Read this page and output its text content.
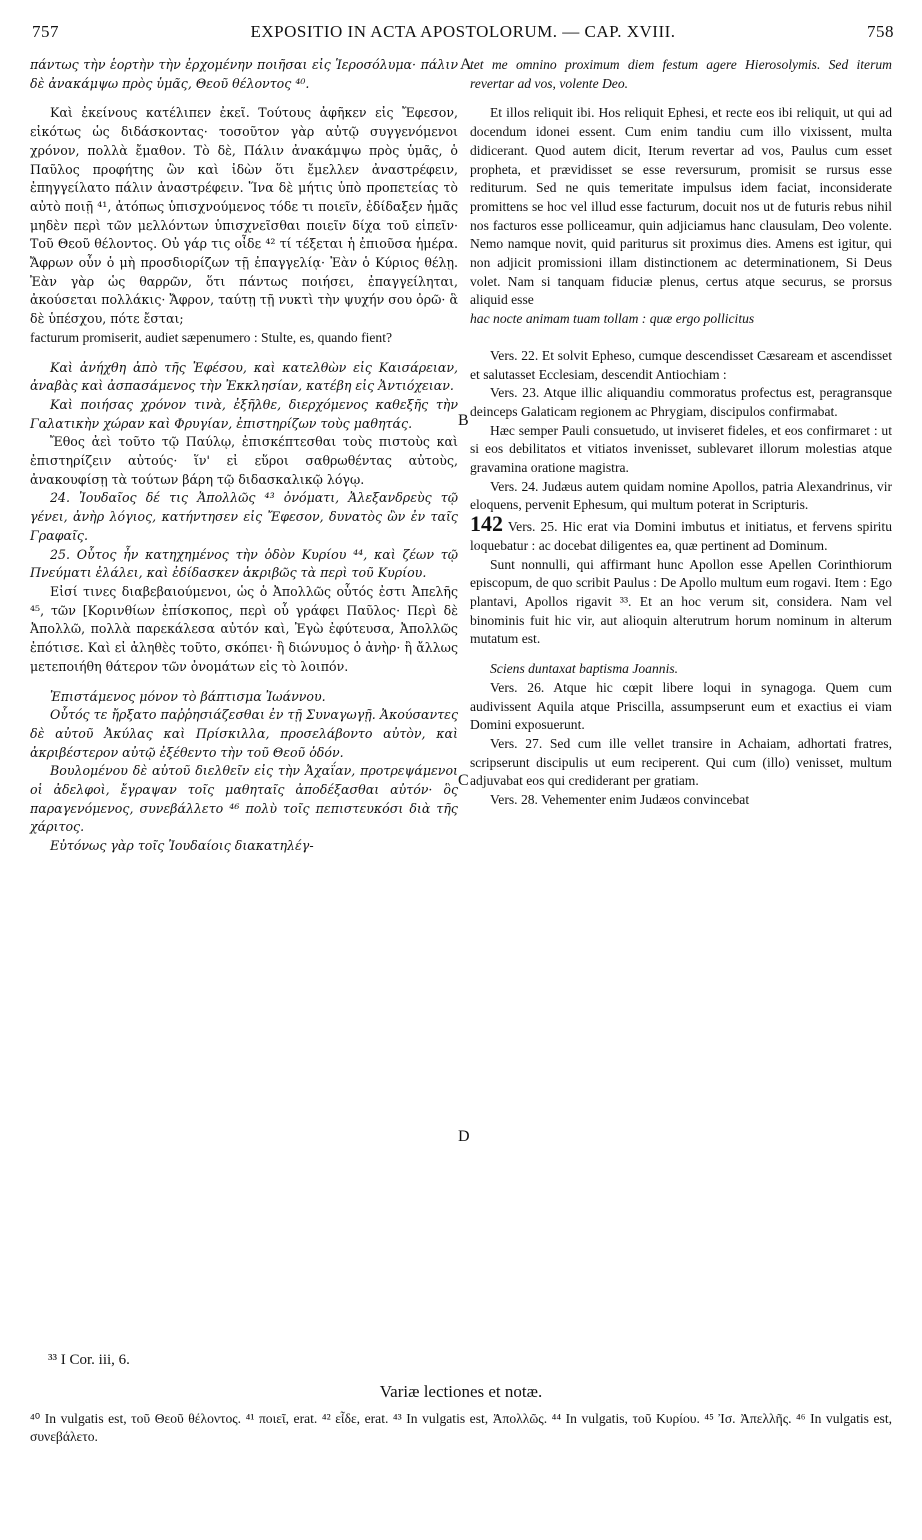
757	EXPOSITIO IN ACTA APOSTOLORUM. — CAP. XVIII.	758

πάντως τὴν ἑορτὴν τὴν ἐρχομένην ποιῆσαι εἰς Ἱεροσόλυμα· πάλιν δὲ ἀνακάμψω πρὸς ὑμᾶς, Θεοῦ θέλοντος ⁴⁰.

Καὶ ἐκείνους κατέλιπεν ἐκεῖ. Τούτους ἀφῆκεν εἰς Ἔφεσον, εἰκότως ὡς διδάσκοντας· τοσοῦτον γὰρ αὐτῷ συγγενόμενοι χρόνον, πολλὰ ἔμαθον. Τὸ δὲ, Πάλιν ἀνακάμψω πρὸς ὑμᾶς, ὁ Παῦλος προφήτης ὢν καὶ ἰδὼν ὅτι ἔμελλεν ἀναστρέφειν, ἐπηγγείλατο πάλιν ἀναστρέφειν. Ἵνα δὲ μήτις ὑπὸ προπετείας τὸ αὐτὸ ποιῇ ⁴¹, ἀτόπως ὑπισχνούμενος τόδε τι ποιεῖν, ἐδίδαξεν ἡμᾶς μηδὲν περὶ τῶν μελλόντων ὑπισχνεῖσθαι ποιεῖν δίχα τοῦ εἰπεῖν· Τοῦ Θεοῦ θέλοντος. Οὐ γάρ τις οἶδε ⁴² τί τέξεται ἡ ἐπιοῦσα ἡμέρα. Ἄφρων οὖν ὁ μὴ προσδιορίζων τῇ ἐπαγγελίᾳ· Ἐὰν ὁ Κύριος θέλῃ. Ἐὰν γὰρ ὡς θαρρῶν, ὅτι πάντως ποιήσει, ἐπαγγείληται, ἀκούσεται πολλάκις· Ἄφρον, ταύτῃ τῇ νυκτὶ τὴν ψυχήν σου ὀρῶ· ἃ δὲ ὑπέσχου, πότε ἔσται;

facturum promiserit, audiet sæpenumero : Stulte, es, quando fient?

Καὶ ἀνήχθη ἀπὸ τῆς Ἐφέσου, καὶ κατελθὼν εἰς Καισάρειαν, ἀναβὰς καὶ ἀσπασάμενος τὴν Ἐκκλησίαν, κατέβη εἰς Ἀντιόχειαν.

Καὶ ποιήσας χρόνον τινὰ, ἐξῆλθε, διερχόμενος καθεξῆς τὴν Γαλατικὴν χώραν καὶ Φρυγίαν, ἐπιστηρίζων τοὺς μαθητάς.

Ἔθος ἀεὶ τοῦτο τῷ Παύλῳ, ἐπισκέπτεσθαι τοὺς πιστοὺς καὶ ἐπιστηρίζειν αὐτούς· ἵν' εἰ εὕροι σαθρωθέντας αὐτοὺς, ἀνακουφίσῃ τὰ τούτων βάρη τῷ διδασκαλικῷ λόγῳ.

24. Ἰουδαῖος δέ τις Ἀπολλῶς ⁴³ ὀνόματι, Ἀλεξανδρεὺς τῷ γένει, ἀνὴρ λόγιος, κατήντησεν εἰς Ἔφεσον, δυνατὸς ὢν ἐν ταῖς Γραφαῖς.

25. Οὗτος ἦν κατηχημένος τὴν ὁδὸν Κυρίου ⁴⁴, καὶ ζέων τῷ Πνεύματι ἐλάλει, καὶ ἐδίδασκεν ἀκριβῶς τὰ περὶ τοῦ Κυρίου.

Εἰσί τινες διαβεβαιούμενοι, ὡς ὁ Ἀπολλῶς οὗτός ἐστι Ἀπελῆς ⁴⁵, τῶν [Κορινθίων ἐπίσκοπος, περὶ οὗ γράφει Παῦλος· Περὶ δὲ Ἀπολλῶ, πολλὰ παρεκάλεσα αὐτόν καὶ, Ἐγὼ ἐφύτευσα, Ἀπολλῶς ἐπότισε. Καὶ εἰ ἀληθὲς τοῦτο, σκόπει· ἢ διώνυμος ὁ ἀνὴρ· ἢ ἄλλως μετεποιήθη θάτερον τῶν ὀνομάτων εἰς τὸ λοιπόν.

Ἐπιστάμενος μόνον τὸ βάπτισμα Ἰωάννου.

Οὗτός τε ἤρξατο παῤῥησιάζεσθαι ἐν τῇ Συναγωγῇ. Ἀκούσαντες δὲ αὐτοῦ Ἀκύλας καὶ Πρίσκιλλα, προσελάβοντο αὐτὸν, καὶ ἀκριβέστερον αὐτῷ ἐξέθεντο τὴν τοῦ Θεοῦ ὁδόν.

Βουλομένου δὲ αὐτοῦ διελθεῖν εἰς τὴν Ἀχαΐαν, προτρεψάμενοι οἱ ἀδελφοὶ, ἔγραψαν τοῖς μαθηταῖς ἀποδέξασθαι αὐτόν· ὃς παραγενόμενος, συνεβάλλετο ⁴⁶ πολὺ τοῖς πεπιστευκόσι διὰ τῆς χάριτος.

Εὐτόνως γὰρ τοῖς Ἰουδαίοις διακατηλέγ-

tet me omnino proximum diem festum agere Hierosolymis. Sed iterum revertar ad vos, volente Deo.

Et illos reliquit ibi. Hos reliquit Ephesi, et recte eos ibi reliquit, ut qui ad docendum idonei essent. Cum enim tandiu cum illo vixissent, multa didicerant. Quod autem dicit, Iterum revertar ad vos, Paulus cum esset propheta, et prævidisset se esse reversurum, promisit se rursus esse rediturum. Sed ne quis temeritate impulsus idem faciat, inconsiderate promittens se hoc vel illud esse facturum, docuit nos ut de futuris rebus nihil nos facturos esse polliceamur, quin adjiciamus hanc clausulam, Deo volente. Nemo namque novit, quid pariturus sit proximus dies. Amens est igitur, qui non adjicit promissioni illam distinctionem ac determinationem, Si Deus volet. Nam si tanquam fiduciæ plenus, certus atque securus, se prorsus aliquid esse

hac nocte animam tuam tollam : quæ ergo pollicitus

Vers. 22. Et solvit Epheso, cumque descendisset Cæsaream et ascendisset et salutasset Ecclesiam, descendit Antiochiam :

Vers. 23. Atque illic aliquandiu commoratus profectus est, peragransque deinceps Galaticam regionem ac Phrygiam, discipulos confirmabat.

Hæc semper Pauli consuetudo, ut inviseret fideles, et eos confirmaret : ut si eos debilitatos et vitiatos invenisset, sublevaret illorum molestias atque gravamina oratione magistra.

Vers. 24. Judæus autem quidam nomine Apollos, patria Alexandrinus, vir eloquens, pervenit Ephesum, qui multum poterat in Scripturis.

142 Vers. 25. Hic erat via Domini imbutus et initiatus, et fervens spiritu loquebatur : ac docebat diligentes ea, quæ pertinent ad Dominum.

Sunt nonnulli, qui affirmant hunc Apollon esse Apellen Corinthiorum episcopum, de quo scribit Paulus : De Apollo multum eum rogavi. Item : Ego plantavi, Apollos rigavit ³³. Et an hoc verum sit, considera. Nam vel binominis fuit hic vir, aut alioquin alterutrum horum nominum in alterum mutatum est.

Sciens duntaxat baptisma Joannis.

Vers. 26. Atque hic cœpit libere loqui in synagoga. Quem cum audivissent Aquila atque Priscilla, assumpserunt eum et exactius ei viam Domini exposuerunt.

Vers. 27. Sed cum ille vellet transire in Achaiam, adhortati fratres, scripserunt discipulis ut eum reciperent. Qui cum (illo) venisset, multum adjuvabat eos qui crediderant per gratiam.

Vers. 28. Vehementer enim Judæos convincebat

A
B
C
D
³³ I Cor. iii, 6.
Variæ lectiones et notæ.
⁴⁰ In vulgatis est, τοῦ Θεοῦ θέλοντος. ⁴¹ ποιεῖ, erat. ⁴² εἶδε, erat. ⁴³ In vulgatis est, Ἀπολλῶς. ⁴⁴ In vulgatis, τοῦ Κυρίου. ⁴⁵ Ἰσ. Ἀπελλῆς. ⁴⁶ In vulgatis est, συνεβάλετο.
